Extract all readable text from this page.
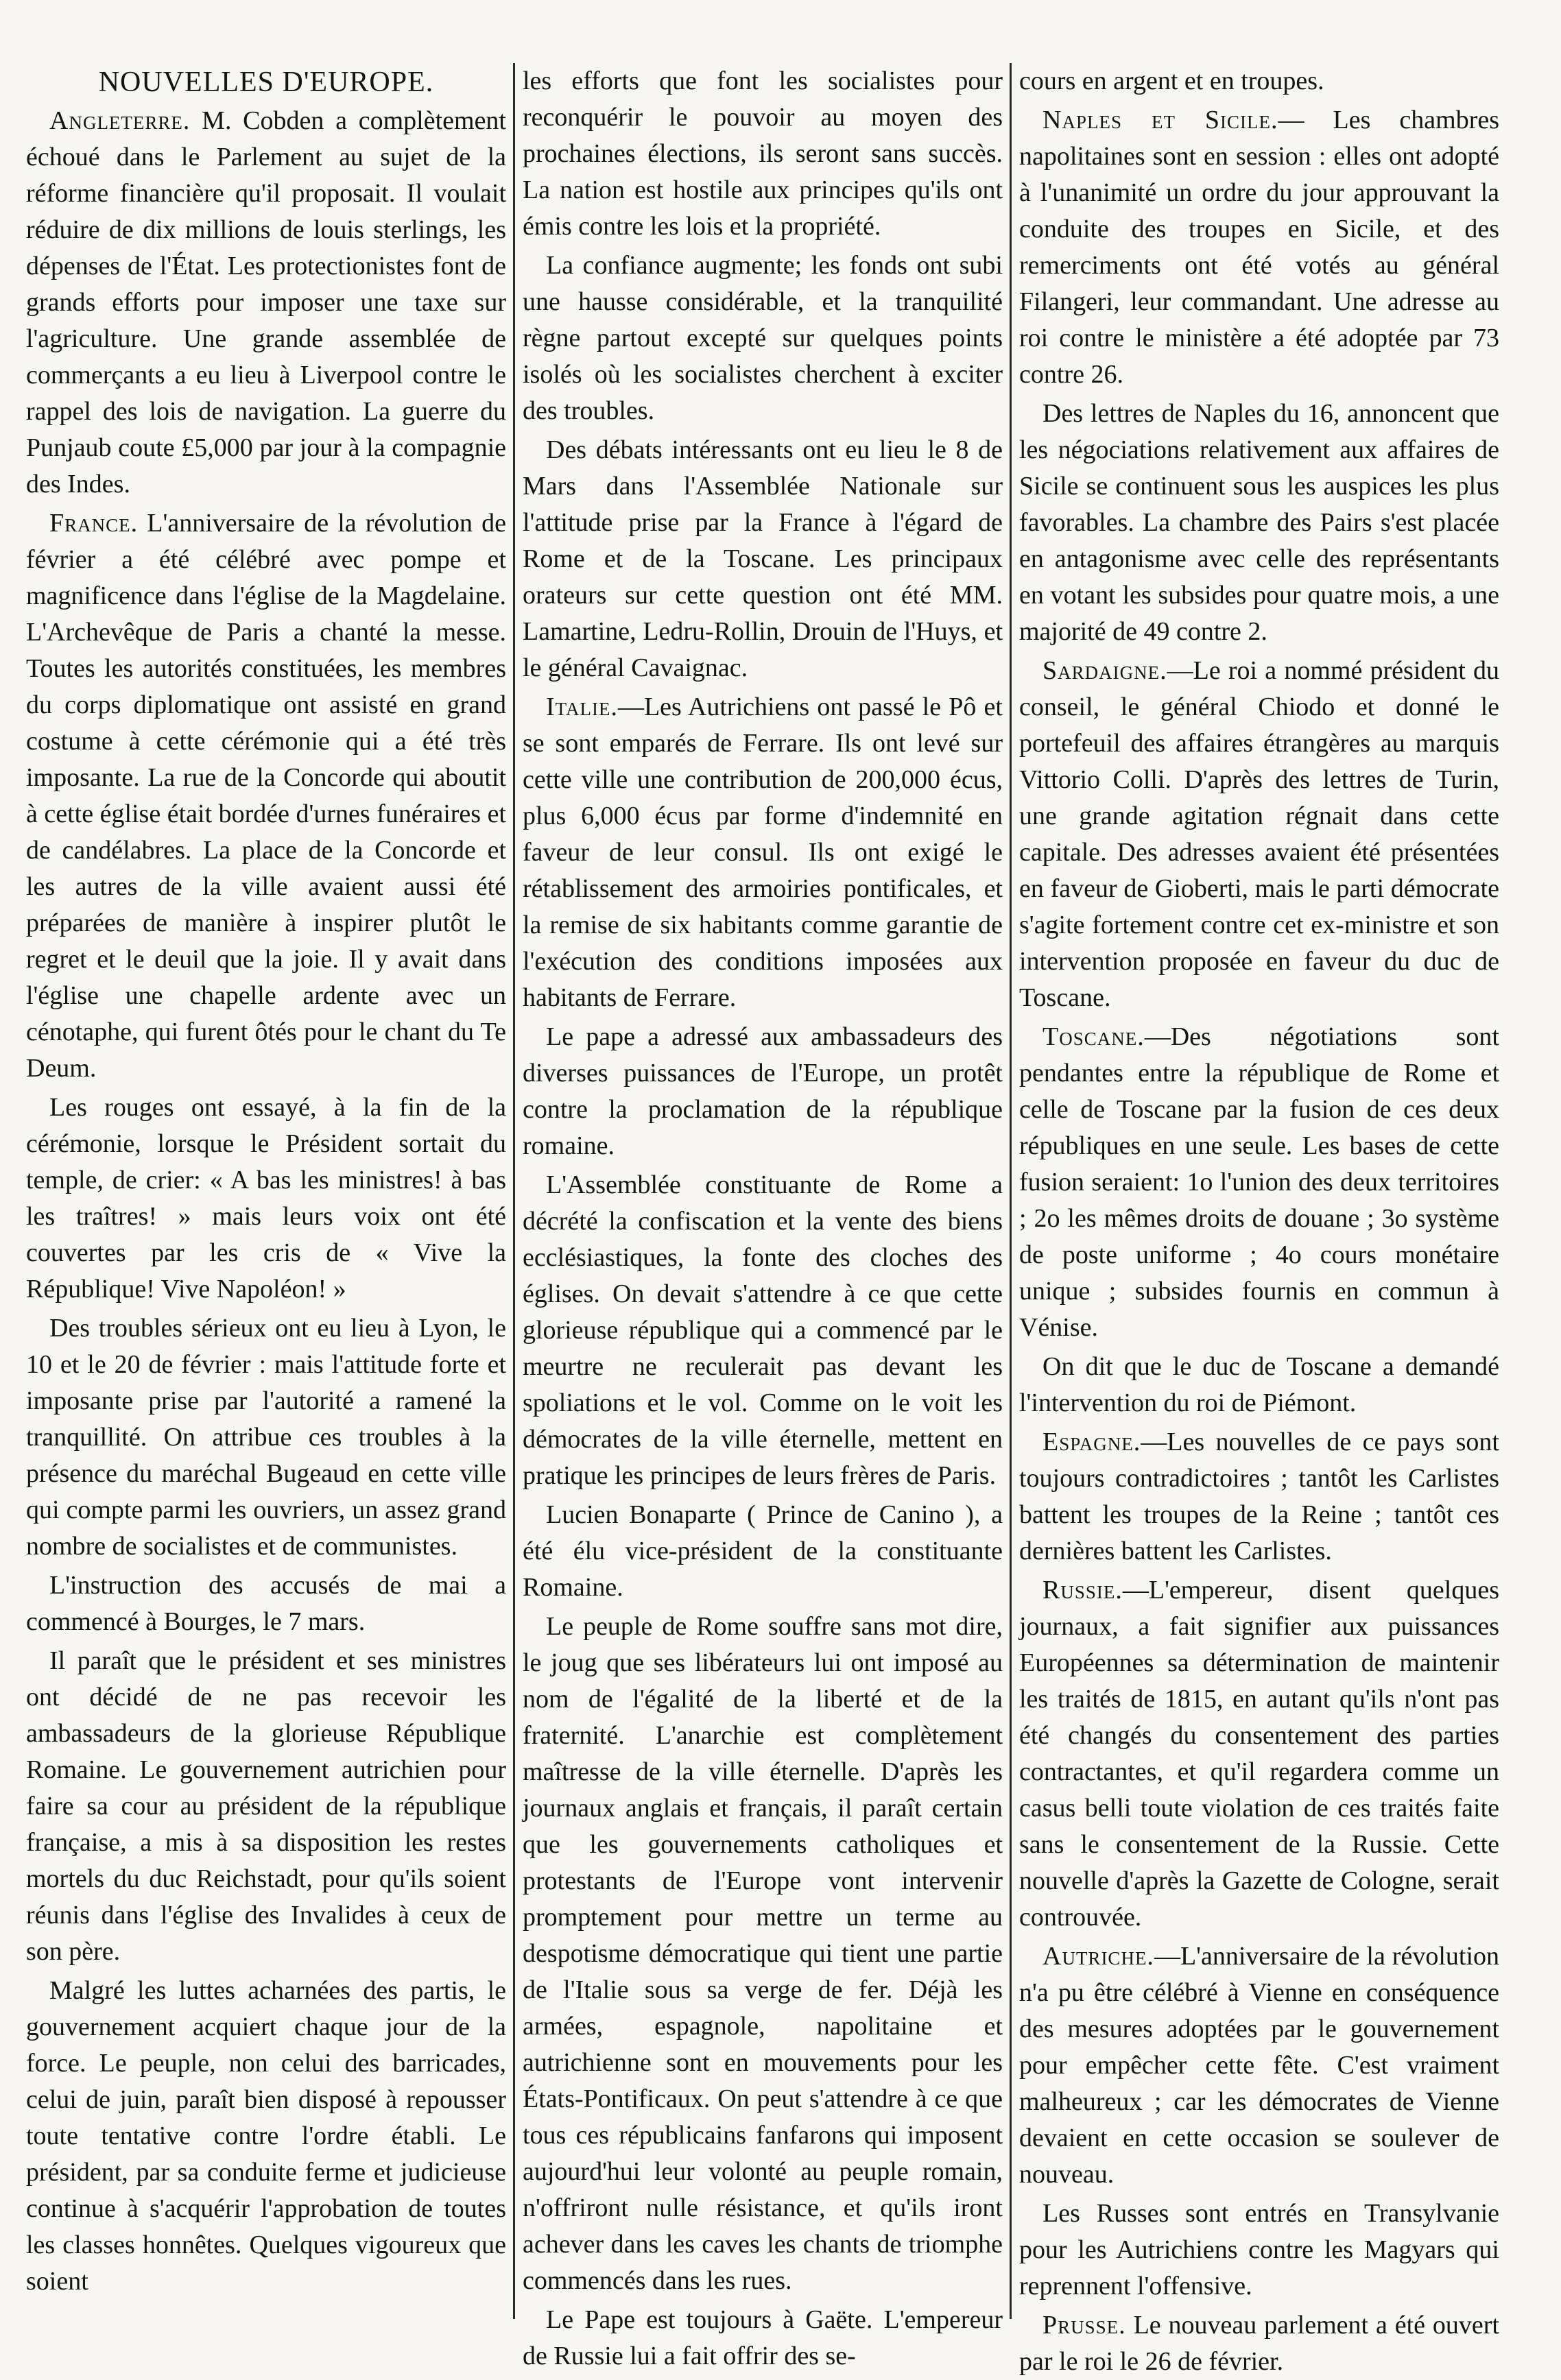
NOUVELLES D'EUROPE.

Angleterre. M. Cobden a complètement échoué dans le Parlement au sujet de la réforme financière qu'il proposait. Il voulait réduire de dix millions de louis sterlings, les dépenses de l'État. Les protectionistes font de grands efforts pour imposer une taxe sur l'agriculture. Une grande assemblée de commerçants a eu lieu à Liverpool contre le rappel des lois de navigation. La guerre du Punjaub coute £5,000 par jour à la compagnie des Indes.

France. L'anniversaire de la révolution de février a été célébré avec pompe et magnificence dans l'église de la Magdelaine. L'Archevêque de Paris a chanté la messe. Toutes les autorités constituées, les membres du corps diplomatique ont assisté en grand costume à cette cérémonie qui a été très imposante. La rue de la Concorde qui aboutit à cette église était bordée d'urnes funéraires et de candélabres. La place de la Concorde et les autres de la ville avaient aussi été préparées de manière à inspirer plutôt le regret et le deuil que la joie. Il y avait dans l'église une chapelle ardente avec un cénotaphe, qui furent ôtés pour le chant du Te Deum.

Les rouges ont essayé, à la fin de la cérémonie, lorsque le Président sortait du temple, de crier: « A bas les ministres! à bas les traîtres! » mais leurs voix ont été couvertes par les cris de « Vive la République! Vive Napoléon! »

Des troubles sérieux ont eu lieu à Lyon, le 10 et le 20 de février : mais l'attitude forte et imposante prise par l'autorité a ramené la tranquillité. On attribue ces troubles à la présence du maréchal Bugeaud en cette ville qui compte parmi les ouvriers, un assez grand nombre de socialistes et de communistes.

L'instruction des accusés de mai a commencé à Bourges, le 7 mars.

Il paraît que le président et ses ministres ont décidé de ne pas recevoir les ambassadeurs de la glorieuse République Romaine. Le gouvernement autrichien pour faire sa cour au président de la république française, a mis à sa disposition les restes mortels du duc Reichstadt, pour qu'ils soient réunis dans l'église des Invalides à ceux de son père.

Malgré les luttes acharnées des partis, le gouvernement acquiert chaque jour de la force. Le peuple, non celui des barricades, celui de juin, paraît bien disposé à repousser toute tentative contre l'ordre établi. Le président, par sa conduite ferme et judicieuse continue à s'acquérir l'approbation de toutes les classes honnêtes. Quelques vigoureux que soient

les efforts que font les socialistes pour reconquérir le pouvoir au moyen des prochaines élections, ils seront sans succès. La nation est hostile aux principes qu'ils ont émis contre les lois et la propriété.

La confiance augmente; les fonds ont subi une hausse considérable, et la tranquilité règne partout excepté sur quelques points isolés où les socialistes cherchent à exciter des troubles.

Des débats intéressants ont eu lieu le 8 de Mars dans l'Assemblée Nationale sur l'attitude prise par la France à l'égard de Rome et de la Toscane. Les principaux orateurs sur cette question ont été MM. Lamartine, Ledru-Rollin, Drouin de l'Huys, et le général Cavaignac.

Italie.—Les Autrichiens ont passé le Pô et se sont emparés de Ferrare. Ils ont levé sur cette ville une contribution de 200,000 écus, plus 6,000 écus par forme d'indemnité en faveur de leur consul. Ils ont exigé le rétablissement des armoiries pontificales, et la remise de six habitants comme garantie de l'exécution des conditions imposées aux habitants de Ferrare.

Le pape a adressé aux ambassadeurs des diverses puissances de l'Europe, un protêt contre la proclamation de la république romaine.

L'Assemblée constituante de Rome a décrété la confiscation et la vente des biens ecclésiastiques, la fonte des cloches des églises. On devait s'attendre à ce que cette glorieuse république qui a commencé par le meurtre ne reculerait pas devant les spoliations et le vol. Comme on le voit les démocrates de la ville éternelle, mettent en pratique les principes de leurs frères de Paris.

Lucien Bonaparte ( Prince de Canino ), a été élu vice-président de la constituante Romaine.

Le peuple de Rome souffre sans mot dire, le joug que ses libérateurs lui ont imposé au nom de l'égalité de la liberté et de la fraternité. L'anarchie est complètement maîtresse de la ville éternelle. D'après les journaux anglais et français, il paraît certain que les gouvernements catholiques et protestants de l'Europe vont intervenir promptement pour mettre un terme au despotisme démocratique qui tient une partie de l'Italie sous sa verge de fer. Déjà les armées, espagnole, napolitaine et autrichienne sont en mouvements pour les États-Pontificaux. On peut s'attendre à ce que tous ces républicains fanfarons qui imposent aujourd'hui leur volonté au peuple romain, n'offriront nulle résistance, et qu'ils iront achever dans les caves les chants de triomphe commencés dans les rues.

Le Pape est toujours à Gaëte. L'empereur de Russie lui a fait offrir des se-

cours en argent et en troupes.

Naples et Sicile.— Les chambres napolitaines sont en session : elles ont adopté à l'unanimité un ordre du jour approuvant la conduite des troupes en Sicile, et des remerciments ont été votés au général Filangeri, leur commandant. Une adresse au roi contre le ministère a été adoptée par 73 contre 26.

Des lettres de Naples du 16, annoncent que les négociations relativement aux affaires de Sicile se continuent sous les auspices les plus favorables. La chambre des Pairs s'est placée en antagonisme avec celle des représentants en votant les subsides pour quatre mois, a une majorité de 49 contre 2.

Sardaigne.—Le roi a nommé président du conseil, le général Chiodo et donné le portefeuil des affaires étrangères au marquis Vittorio Colli. D'après des lettres de Turin, une grande agitation régnait dans cette capitale. Des adresses avaient été présentées en faveur de Gioberti, mais le parti démocrate s'agite fortement contre cet ex-ministre et son intervention proposée en faveur du duc de Toscane.

Toscane.—Des négotiations sont pendantes entre la république de Rome et celle de Toscane par la fusion de ces deux républiques en une seule. Les bases de cette fusion seraient: 1o l'union des deux territoires ; 2o les mêmes droits de douane ; 3o système de poste uniforme ; 4o cours monétaire unique ; subsides fournis en commun à Vénise.

On dit que le duc de Toscane a demandé l'intervention du roi de Piémont.

Espagne.—Les nouvelles de ce pays sont toujours contradictoires ; tantôt les Carlistes battent les troupes de la Reine ; tantôt ces dernières battent les Carlistes.

Russie.—L'empereur, disent quelques journaux, a fait signifier aux puissances Européennes sa détermination de maintenir les traités de 1815, en autant qu'ils n'ont pas été changés du consentement des parties contractantes, et qu'il regardera comme un casus belli toute violation de ces traités faite sans le consentement de la Russie. Cette nouvelle d'après la Gazette de Cologne, serait controuvée.

Autriche.—L'anniversaire de la révolution n'a pu être célébré à Vienne en conséquence des mesures adoptées par le gouvernement pour empêcher cette fête. C'est vraiment malheureux ; car les démocrates de Vienne devaient en cette occasion se soulever de nouveau.

Les Russes sont entrés en Transylvanie pour les Autrichiens contre les Magyars qui reprennent l'offensive.

Prusse. Le nouveau parlement a été ouvert par le roi le 26 de février.
